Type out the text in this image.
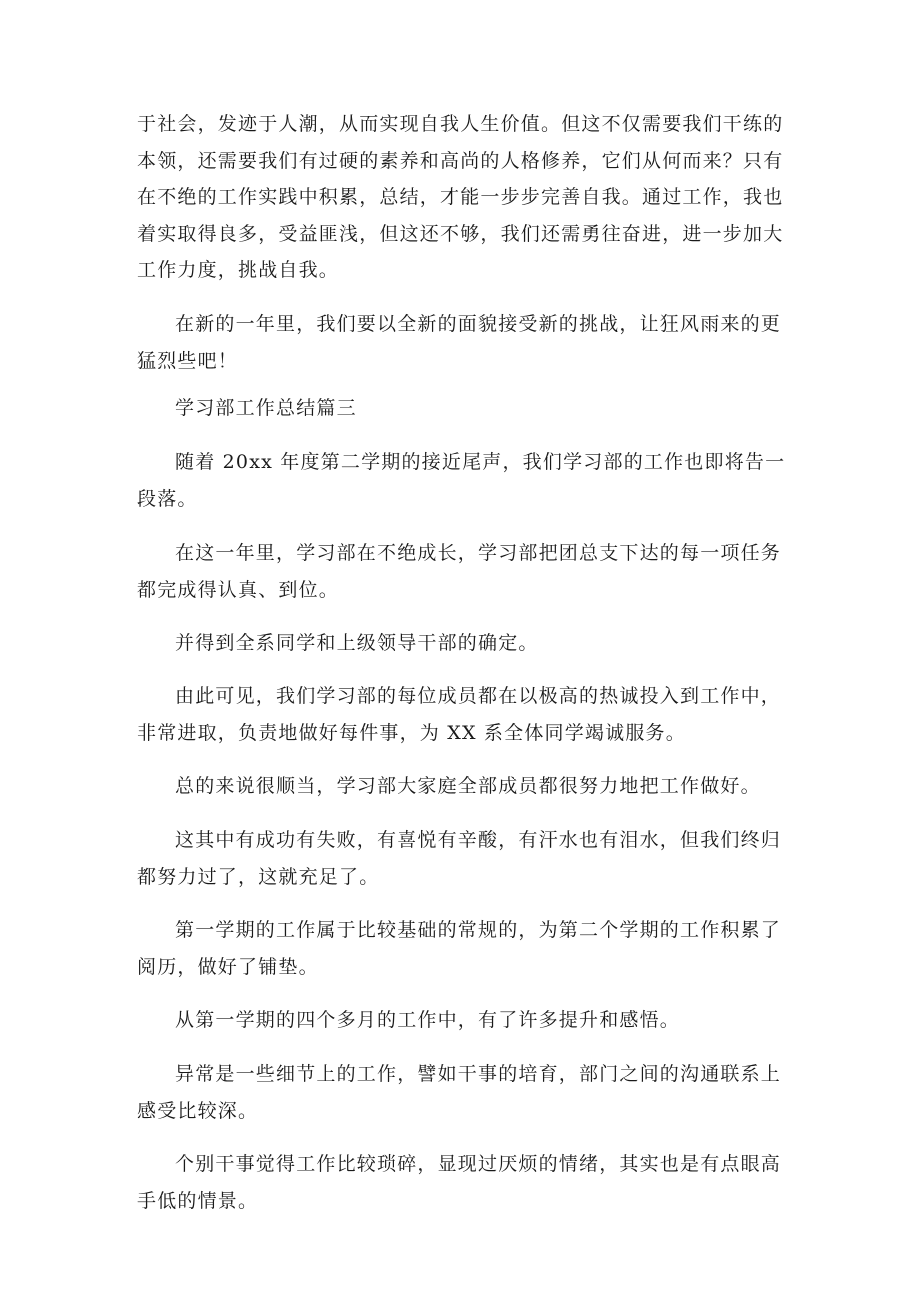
于社会，发迹于人潮，从而实现自我人生价值。但这不仅需要我们干练的本领，还需要我们有过硬的素养和高尚的人格修养，它们从何而来？只有在不绝的工作实践中积累，总结，才能一步步完善自我。通过工作，我也着实取得良多，受益匪浅，但这还不够，我们还需勇往奋进，进一步加大工作力度，挑战自我。

在新的一年里，我们要以全新的面貌接受新的挑战，让狂风雨来的更猛烈些吧！

学习部工作总结篇三

随着 20xx 年度第二学期的接近尾声，我们学习部的工作也即将告一段落。

在这一年里，学习部在不绝成长，学习部把团总支下达的每一项任务都完成得认真、到位。

并得到全系同学和上级领导干部的确定。

由此可见，我们学习部的每位成员都在以极高的热诚投入到工作中，非常进取，负责地做好每件事，为 XX 系全体同学竭诚服务。

总的来说很顺当，学习部大家庭全部成员都很努力地把工作做好。

这其中有成功有失败，有喜悦有辛酸，有汗水也有泪水，但我们终归都努力过了，这就充足了。

第一学期的工作属于比较基础的常规的，为第二个学期的工作积累了阅历，做好了铺垫。

从第一学期的四个多月的工作中，有了许多提升和感悟。

异常是一些细节上的工作，譬如干事的培育，部门之间的沟通联系上感受比较深。

个别干事觉得工作比较琐碎，显现过厌烦的情绪，其实也是有点眼高手低的情景。
